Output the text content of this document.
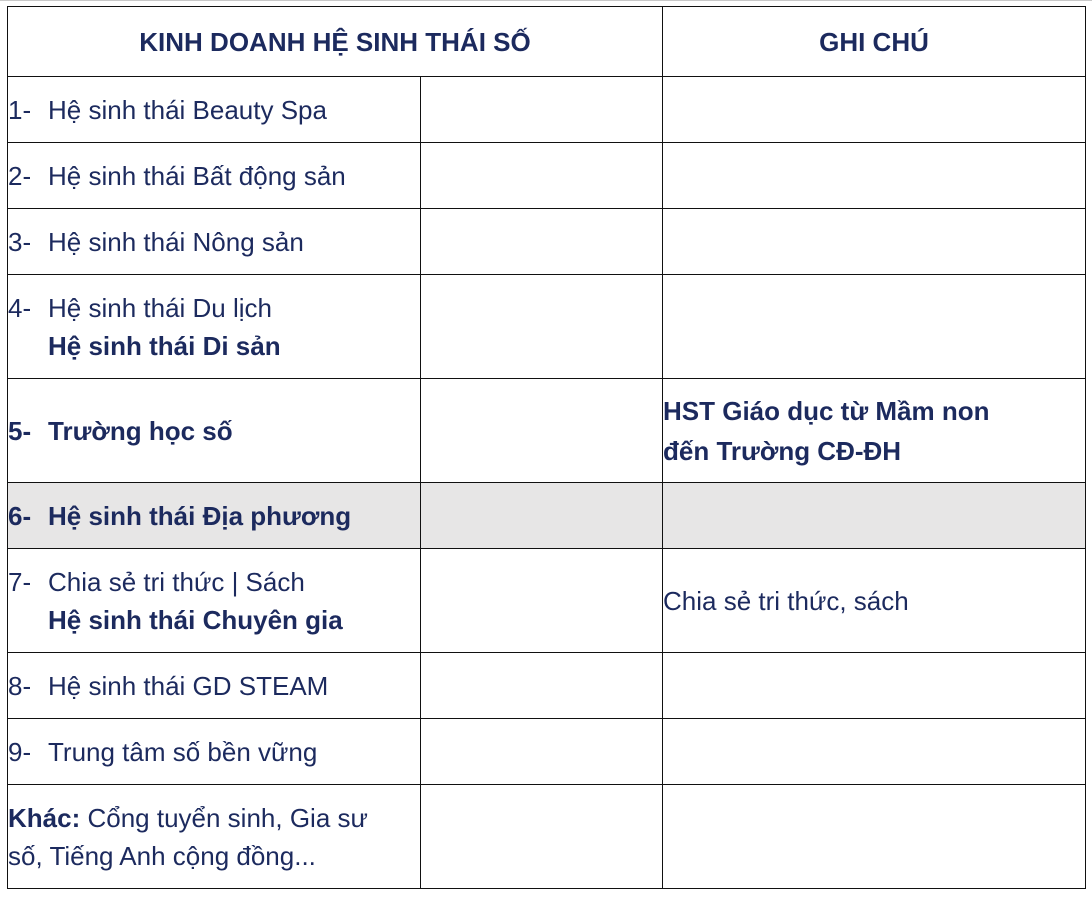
KINH DOANH HỆ SINH THÁI SỐ		GHI CHÚ
1- Hệ sinh thái Beauty Spa		
2- Hệ sinh thái Bất động sản		
3- Hệ sinh thái Nông sản		

4- Hệ sinh thái Du lịch
Hệ sinh thái Di sản		

5- Trường học số		HST Giáo dục từ Mầm non
đến Trường CĐ-ĐH

6- Hệ sinh thái Địa phương		

7- Chia sẻ tri thức | Sách
Hệ sinh thái Chuyên gia		Chia sẻ tri thức, sách
8- Hệ sinh thái GD STEAM		
9- Trung tâm số bền vững		

Khác: Cổng tuyển sinh, Gia sư
số, Tiếng Anh cộng đồng...		
